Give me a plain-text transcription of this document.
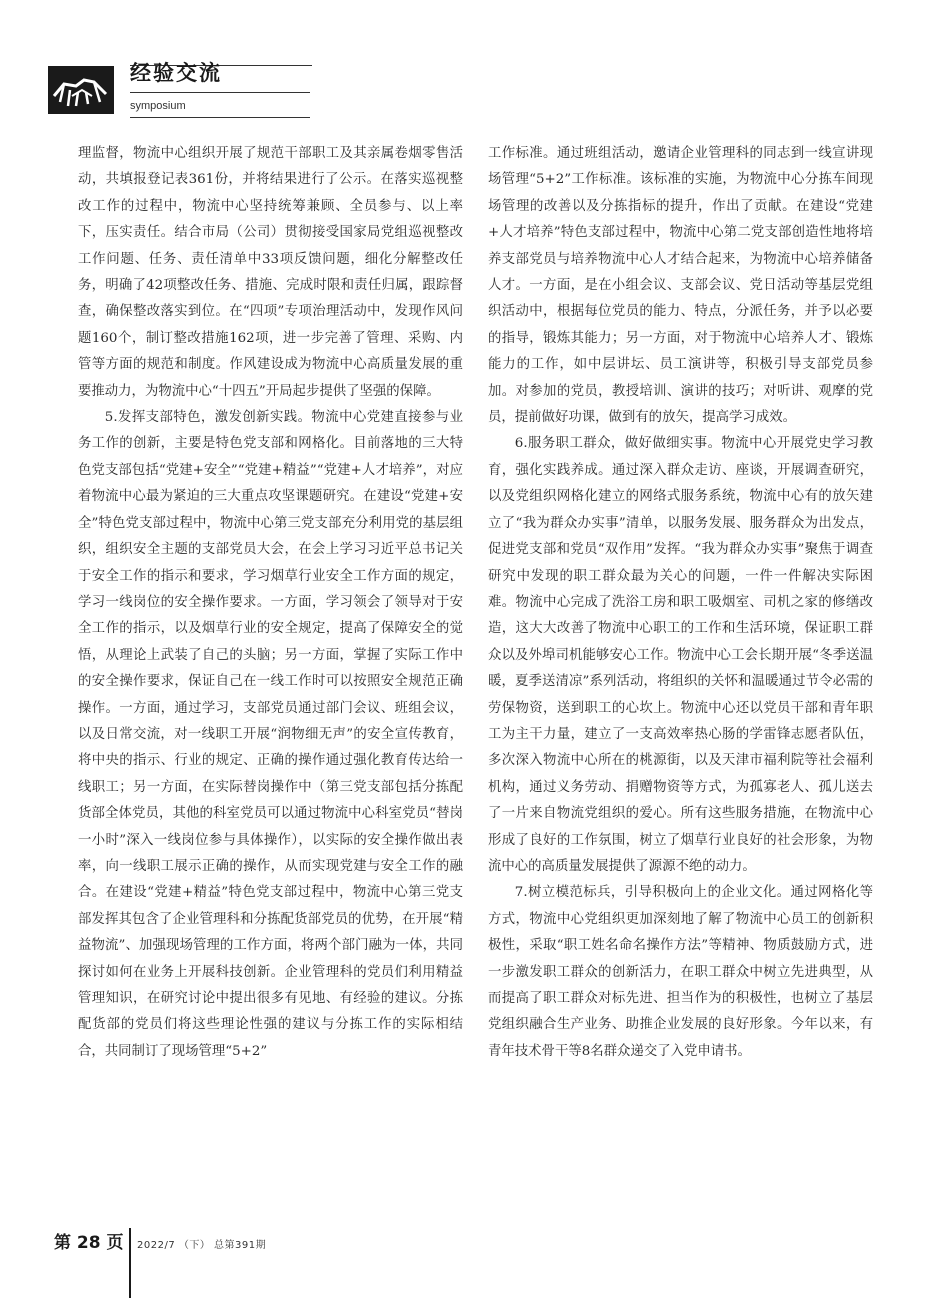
经验交流
symposium

理监督，物流中心组织开展了规范干部职工及其亲属卷烟零售活动，共填报登记表361份，并将结果进行了公示。在落实巡视整改工作的过程中，物流中心坚持统筹兼顾、全员参与、以上率下，压实责任。结合市局（公司）贯彻接受国家局党组巡视整改工作问题、任务、责任清单中33项反馈问题，细化分解整改任务，明确了42项整改任务、措施、完成时限和责任归属，跟踪督查，确保整改落实到位。在“四项”专项治理活动中，发现作风问题160个，制订整改措施162项，进一步完善了管理、采购、内管等方面的规范和制度。作风建设成为物流中心高质量发展的重要推动力，为物流中心“十四五”开局起步提供了坚强的保障。

5.发挥支部特色，激发创新实践。物流中心党建直接参与业务工作的创新，主要是特色党支部和网格化。目前落地的三大特色党支部包括“党建+安全”“党建+精益”“党建+人才培养”，对应着物流中心最为紧迫的三大重点攻坚课题研究。在建设“党建+安全”特色党支部过程中，物流中心第三党支部充分利用党的基层组织，组织安全主题的支部党员大会，在会上学习习近平总书记关于安全工作的指示和要求，学习烟草行业安全工作方面的规定，学习一线岗位的安全操作要求。一方面，学习领会了领导对于安全工作的指示，以及烟草行业的安全规定，提高了保障安全的觉悟，从理论上武装了自己的头脑；另一方面，掌握了实际工作中的安全操作要求，保证自己在一线工作时可以按照安全规范正确操作。一方面，通过学习，支部党员通过部门会议、班组会议，以及日常交流，对一线职工开展“润物细无声”的安全宣传教育，将中央的指示、行业的规定、正确的操作通过强化教育传达给一线职工；另一方面，在实际替岗操作中（第三党支部包括分拣配货部全体党员，其他的科室党员可以通过物流中心科室党员“替岗一小时”深入一线岗位参与具体操作），以实际的安全操作做出表率，向一线职工展示正确的操作，从而实现党建与安全工作的融合。在建设“党建+精益”特色党支部过程中，物流中心第三党支部发挥其包含了企业管理科和分拣配货部党员的优势，在开展“精益物流”、加强现场管理的工作方面，将两个部门融为一体，共同探讨如何在业务上开展科技创新。企业管理科的党员们利用精益管理知识，在研究讨论中提出很多有见地、有经验的建议。分拣配货部的党员们将这些理论性强的建议与分拣工作的实际相结合，共同制订了现场管理“5+2”

工作标准。通过班组活动，邀请企业管理科的同志到一线宣讲现场管理“5+2”工作标准。该标准的实施，为物流中心分拣车间现场管理的改善以及分拣指标的提升，作出了贡献。在建设“党建+人才培养”特色支部过程中，物流中心第二党支部创造性地将培养支部党员与培养物流中心人才结合起来，为物流中心培养储备人才。一方面，是在小组会议、支部会议、党日活动等基层党组织活动中，根据每位党员的能力、特点，分派任务，并予以必要的指导，锻炼其能力；另一方面，对于物流中心培养人才、锻炼能力的工作，如中层讲坛、员工演讲等，积极引导支部党员参加。对参加的党员，教授培训、演讲的技巧；对听讲、观摩的党员，提前做好功课，做到有的放矢，提高学习成效。

6.服务职工群众，做好做细实事。物流中心开展党史学习教育，强化实践养成。通过深入群众走访、座谈，开展调查研究，以及党组织网格化建立的网络式服务系统，物流中心有的放矢建立了“我为群众办实事”清单，以服务发展、服务群众为出发点，促进党支部和党员“双作用”发挥。“我为群众办实事”聚焦于调查研究中发现的职工群众最为关心的问题，一件一件解决实际困难。物流中心完成了洗浴工房和职工吸烟室、司机之家的修缮改造，这大大改善了物流中心职工的工作和生活环境，保证职工群众以及外埠司机能够安心工作。物流中心工会长期开展“冬季送温暖，夏季送清凉”系列活动，将组织的关怀和温暖通过节令必需的劳保物资，送到职工的心坎上。物流中心还以党员干部和青年职工为主干力量，建立了一支高效率热心肠的学雷锋志愿者队伍，多次深入物流中心所在的桃源街，以及天津市福利院等社会福利机构，通过义务劳动、捐赠物资等方式，为孤寡老人、孤儿送去了一片来自物流党组织的爱心。所有这些服务措施，在物流中心形成了良好的工作氛围，树立了烟草行业良好的社会形象，为物流中心的高质量发展提供了源源不绝的动力。

7.树立模范标兵，引导积极向上的企业文化。通过网格化等方式，物流中心党组织更加深刻地了解了物流中心员工的创新积极性，采取“职工姓名命名操作方法”等精神、物质鼓励方式，进一步激发职工群众的创新活力，在职工群众中树立先进典型，从而提高了职工群众对标先进、担当作为的积极性，也树立了基层党组织融合生产业务、助推企业发展的良好形象。今年以来，有青年技术骨干等8名群众递交了入党申请书。

第 28 页 2022/7 （下） 总第391期
